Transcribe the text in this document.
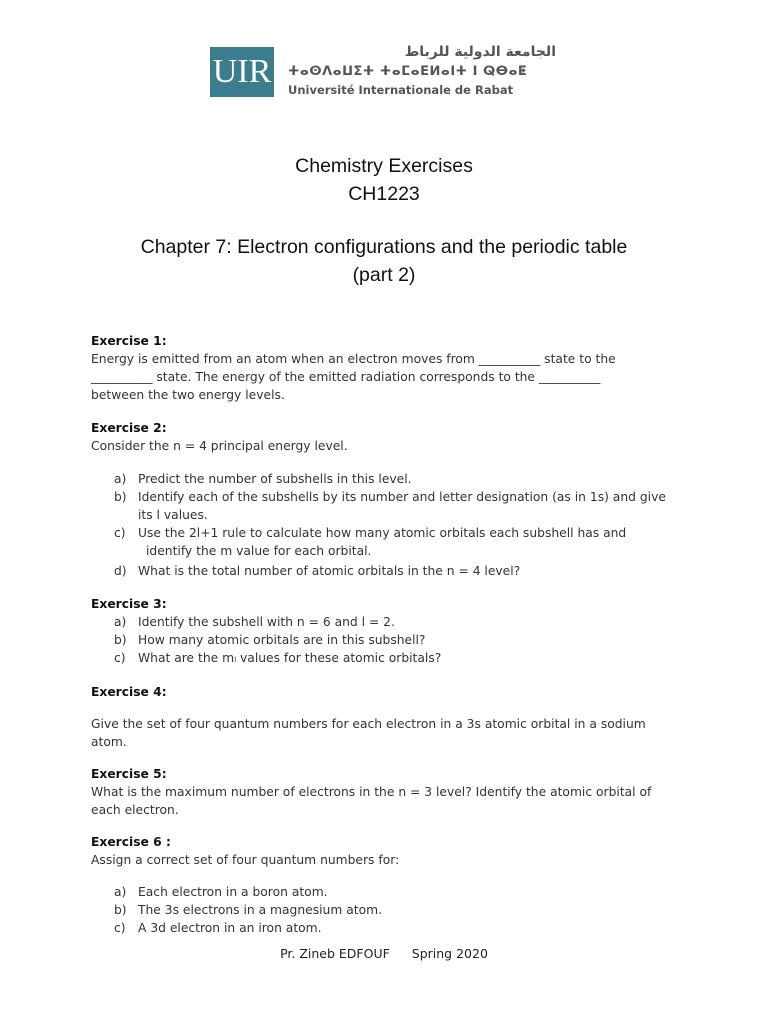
UIR
الجامعة الدولية للرباط
ⵜⴰⵙⴷⴰⵡⵉⵜ ⵜⴰⵎⴰⴹⵍⴰⵏⵜ ⵏ ⵕⴱⴰⵟ
Université Internationale de Rabat
Chemistry Exercises
CH1223
Chapter 7: Electron configurations and the periodic table
(part 2)
Exercise 1:
Energy is emitted from an atom when an electron moves from __________ state to the
__________ state. The energy of the emitted radiation corresponds to the __________
between the two energy levels.
Exercise 2:
Consider the n = 4 principal energy level.
a) Predict the number of subshells in this level.
b) Identify each of the subshells by its number and letter designation (as in 1s) and give
its l values.
c) Use the 2l+1 rule to calculate how many atomic orbitals each subshell has and
identify the m value for each orbital.
d) What is the total number of atomic orbitals in the n = 4 level?
Exercise 3:
a) Identify the subshell with n = 6 and l = 2.
b) How many atomic orbitals are in this subshell?
c) What are the mₗ values for these atomic orbitals?
Exercise 4:
Give the set of four quantum numbers for each electron in a 3s atomic orbital in a sodium
atom.
Exercise 5:
What is the maximum number of electrons in the n = 3 level? Identify the atomic orbital of
each electron.
Exercise 6 :
Assign a correct set of four quantum numbers for:
a) Each electron in a boron atom.
b) The 3s electrons in a magnesium atom.
c) A 3d electron in an iron atom.
Pr. Zineb EDFOUF Spring 2020
